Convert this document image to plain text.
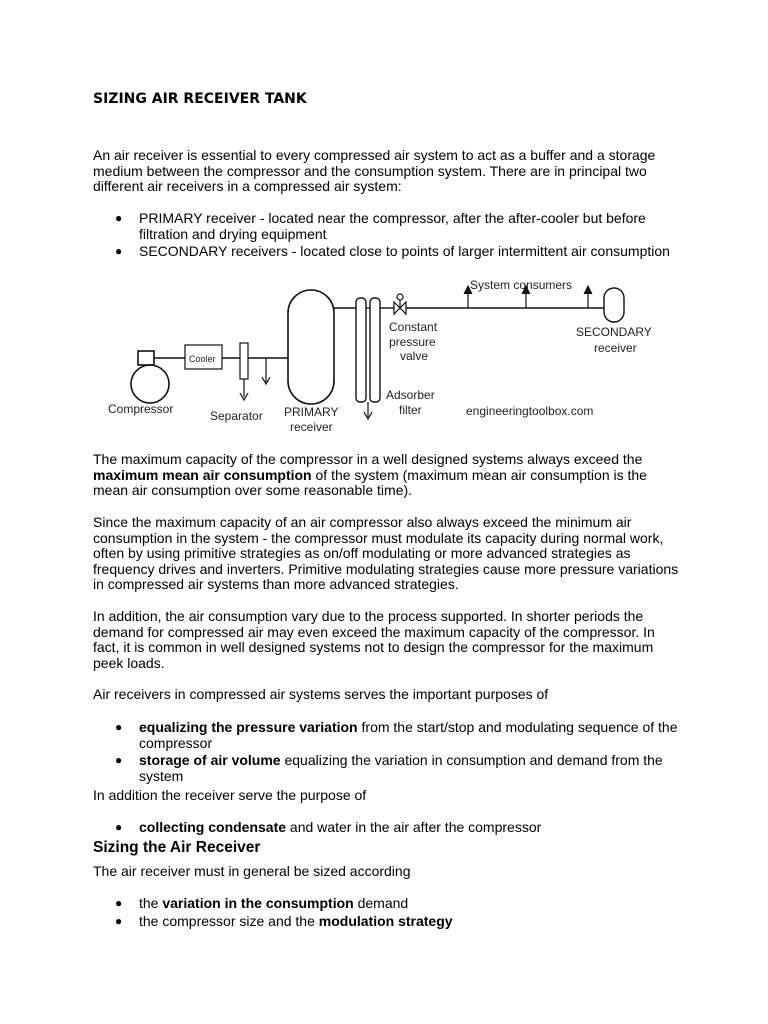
SIZING AIR RECEIVER TANK

An air receiver is essential to every compressed air system to act as a buffer and a storage medium between the compressor and the consumption system. There are in principal two different air receivers in a compressed air system:

● PRIMARY receiver - located near the compressor, after the after-cooler but before filtration and drying equipment
● SECONDARY receivers - located close to points of larger intermittent air consumption
Compressor
Cooler
Separator PRIMARY
receiver
Adsorber
filter
Constant
pressure
valve
System consumers
SECONDARY
receiver
engineeringtoolbox.com

The maximum capacity of the compressor in a well designed systems always exceed the maximum mean air consumption of the system (maximum mean air consumption is the mean air consumption over some reasonable time).

Since the maximum capacity of an air compressor also always exceed the minimum air consumption in the system - the compressor must modulate its capacity during normal work, often by using primitive strategies as on/off modulating or more advanced strategies as frequency drives and inverters. Primitive modulating strategies cause more pressure variations in compressed air systems than more advanced strategies.

In addition, the air consumption vary due to the process supported. In shorter periods the demand for compressed air may even exceed the maximum capacity of the compressor. In fact, it is common in well designed systems not to design the compressor for the maximum peek loads.

Air receivers in compressed air systems serves the important purposes of

● equalizing the pressure variation from the start/stop and modulating sequence of the compressor
● storage of air volume equalizing the variation in consumption and demand from the system

In addition the receiver serve the purpose of

● collecting condensate and water in the air after the compressor
Sizing the Air Receiver

The air receiver must in general be sized according

● the variation in the consumption demand
● the compressor size and the modulation strategy
